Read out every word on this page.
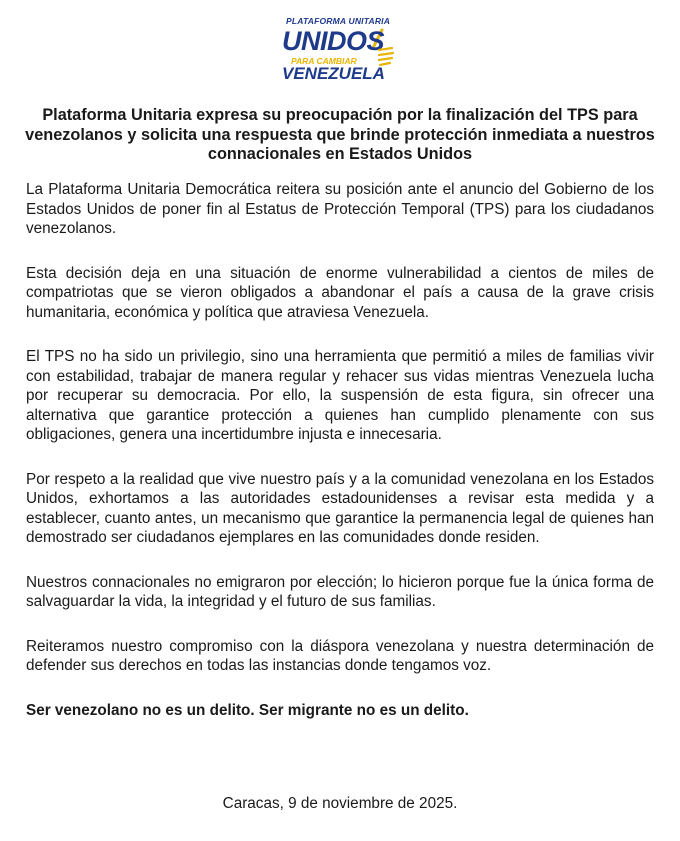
PLATAFORMA UNITARIA
UNIDOS
PARA CAMBIAR
VENEZUELA
Plataforma Unitaria expresa su preocupación por la finalización del TPS para venezolanos y solicita una respuesta que brinde protección inmediata a nuestros connacionales en Estados Unidos

La Plataforma Unitaria Democrática reitera su posición ante el anuncio del Gobierno de los Estados Unidos de poner fin al Estatus de Protección Temporal (TPS) para los ciudadanos venezolanos.

Esta decisión deja en una situación de enorme vulnerabilidad a cientos de miles de compatriotas que se vieron obligados a abandonar el país a causa de la grave crisis humanitaria, económica y política que atraviesa Venezuela.

El TPS no ha sido un privilegio, sino una herramienta que permitió a miles de familias vivir con estabilidad, trabajar de manera regular y rehacer sus vidas mientras Venezuela lucha por recuperar su democracia. Por ello, la suspensión de esta figura, sin ofrecer una alternativa que garantice protección a quienes han cumplido plenamente con sus obligaciones, genera una incertidumbre injusta e innecesaria.

Por respeto a la realidad que vive nuestro país y a la comunidad venezolana en los Estados Unidos, exhortamos a las autoridades estadounidenses a revisar esta medida y a establecer, cuanto antes, un mecanismo que garantice la permanencia legal de quienes han demostrado ser ciudadanos ejemplares en las comunidades donde residen.

Nuestros connacionales no emigraron por elección; lo hicieron porque fue la única forma de salvaguardar la vida, la integridad y el futuro de sus familias.

Reiteramos nuestro compromiso con la diáspora venezolana y nuestra determinación de defender sus derechos en todas las instancias donde tengamos voz.

Ser venezolano no es un delito. Ser migrante no es un delito.

Caracas, 9 de noviembre de 2025.
